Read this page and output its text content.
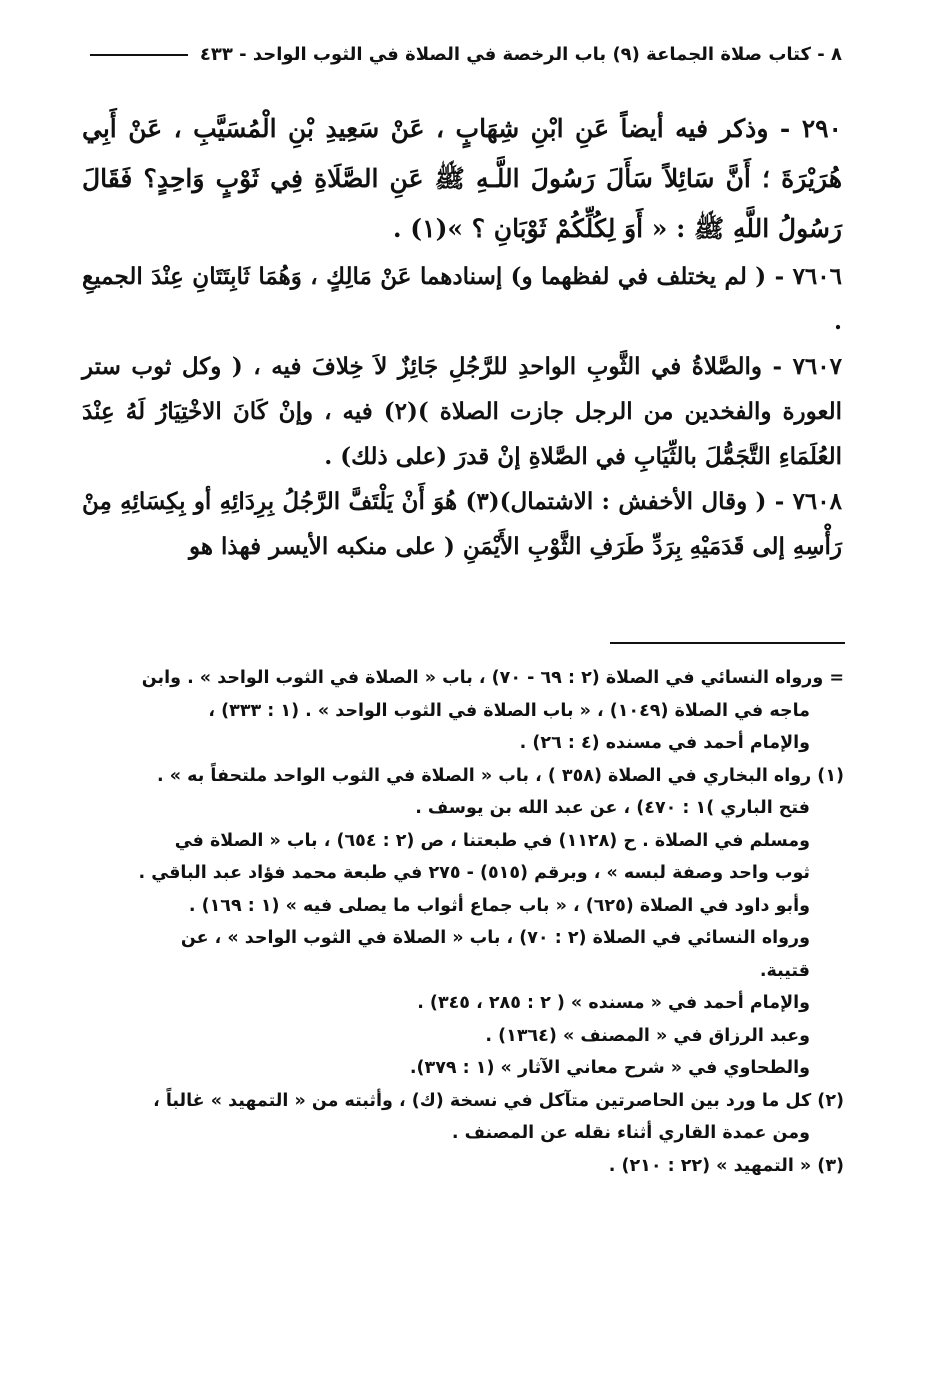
٨ - كتاب صلاة الجماعة (٩) باب الرخصة في الصلاة في الثوب الواحد - ٤٣٣

٢٩٠ - وذكر فيه أيضاً عَنِ ابْنِ شِهَابٍ ، عَنْ سَعِيدِ بْنِ الْمُسَيَّبِ ، عَنْ أَبِي هُرَيْرَةَ ؛ أَنَّ سَائِلاً سَأَلَ رَسُولَ اللَّـهِ ﷺ عَنِ الصَّلَاةِ فِي ثَوْبٍ وَاحِدٍ؟ فَقَالَ رَسُولُ اللَّهِ ﷺ : « أَوَ لِكُلِّكُمْ ثَوْبَانِ ؟ »(١) .

٧٦٠٦ - ( لم يختلف في لفظهما و) إسنادهما عَنْ مَالِكٍ ، وَهُمَا ثَابِتَتَانِ عِنْدَ الجميعِ .

٧٦٠٧ - والصَّلاةُ في الثَّوبِ الواحدِ للرَّجُلِ جَائِزٌ لاَ خِلافَ فيه ، ( وكل ثوب ستر العورة والفخدين من الرجل جازت الصلاة )(٢) فيه ، وإنْ كَانَ الاخْتِيَارُ لَهُ عِنْدَ العُلَمَاءِ التَّجَمُّلَ بالثِّيَابِ في الصَّلاةِ إنْ قدرَ (على ذلك) .

٧٦٠٨ - ( وقال الأخفش : الاشتمال)(٣) هُوَ أَنْ يَلْتَفَّ الرَّجُلُ بِرِدَائِهِ أو بِكِسَائِهِ مِنْ رَأْسِهِ إلى قَدَمَيْهِ بِرَدِّ طَرَفِ الثَّوْبِ الأَيْمَنِ ( على منكبه الأيسر فهذا هو

= ورواه النسائي في الصلاة (٢ : ٦٩ - ٧٠) ، باب « الصلاة في الثوب الواحد » . وابن

ماجه في الصلاة (١٠٤٩) ، « باب الصلاة في الثوب الواحد » . (١ : ٣٣٣) ،

والإمام أحمد في مسنده (٤ : ٢٦) .

(١) رواه البخاري في الصلاة (٣٥٨ ) ، باب « الصلاة في الثوب الواحد ملتحفاً به » .

فتح الباري )١ : ٤٧٠) ، عن عبد الله بن يوسف .

ومسلم في الصلاة . ح (١١٢٨) في طبعتنا ، ص (٢ : ٦٥٤) ، باب « الصلاة في

ثوب واحد وصفة لبسه » ، وبرقم (٥١٥) - ٢٧٥ في طبعة محمد فؤاد عبد الباقي .

وأبو داود في الصلاة (٦٢٥) ، « باب جماع أثواب ما يصلى فيه » (١ : ١٦٩) .

ورواه النسائي في الصلاة (٢ : ٧٠) ، باب « الصلاة في الثوب الواحد » ، عن

قتيبة.

والإمام أحمد في « مسنده » ( ٢ : ٢٨٥ ، ٣٤٥) .

وعبد الرزاق في « المصنف » (١٣٦٤) .

والطحاوي في « شرح معاني الآثار » (١ : ٣٧٩).

(٢) كل ما ورد بين الحاصرتين متآكل في نسخة (ك) ، وأثبته من « التمهيد » غالباً ،

ومن عمدة القاري أثناء نقله عن المصنف .

(٣) « التمهيد » (٢٢ : ٢١٠) .
